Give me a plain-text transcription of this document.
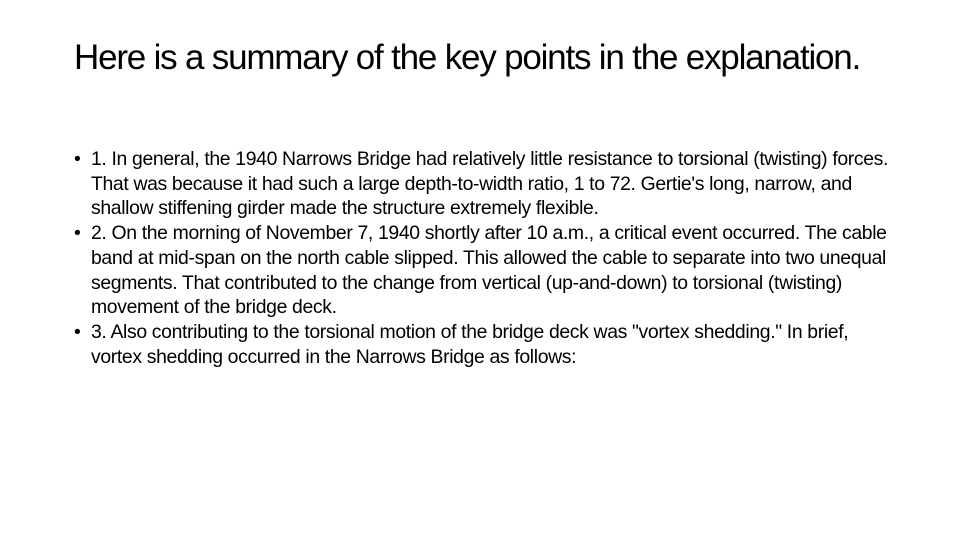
Here is a summary of the key points in the explanation.
• 1. In general, the 1940 Narrows Bridge had relatively little resistance to torsional (twisting) forces. That was because it had such a large depth-to-width ratio, 1 to 72. Gertie's long, narrow, and shallow stiffening girder made the structure extremely flexible.
• 2. On the morning of November 7, 1940 shortly after 10 a.m., a critical event occurred. The cable band at mid-span on the north cable slipped. This allowed the cable to separate into two unequal segments. That contributed to the change from vertical (up-and-down) to torsional (twisting) movement of the bridge deck.
• 3. Also contributing to the torsional motion of the bridge deck was "vortex shedding." In brief, vortex shedding occurred in the Narrows Bridge as follows:
